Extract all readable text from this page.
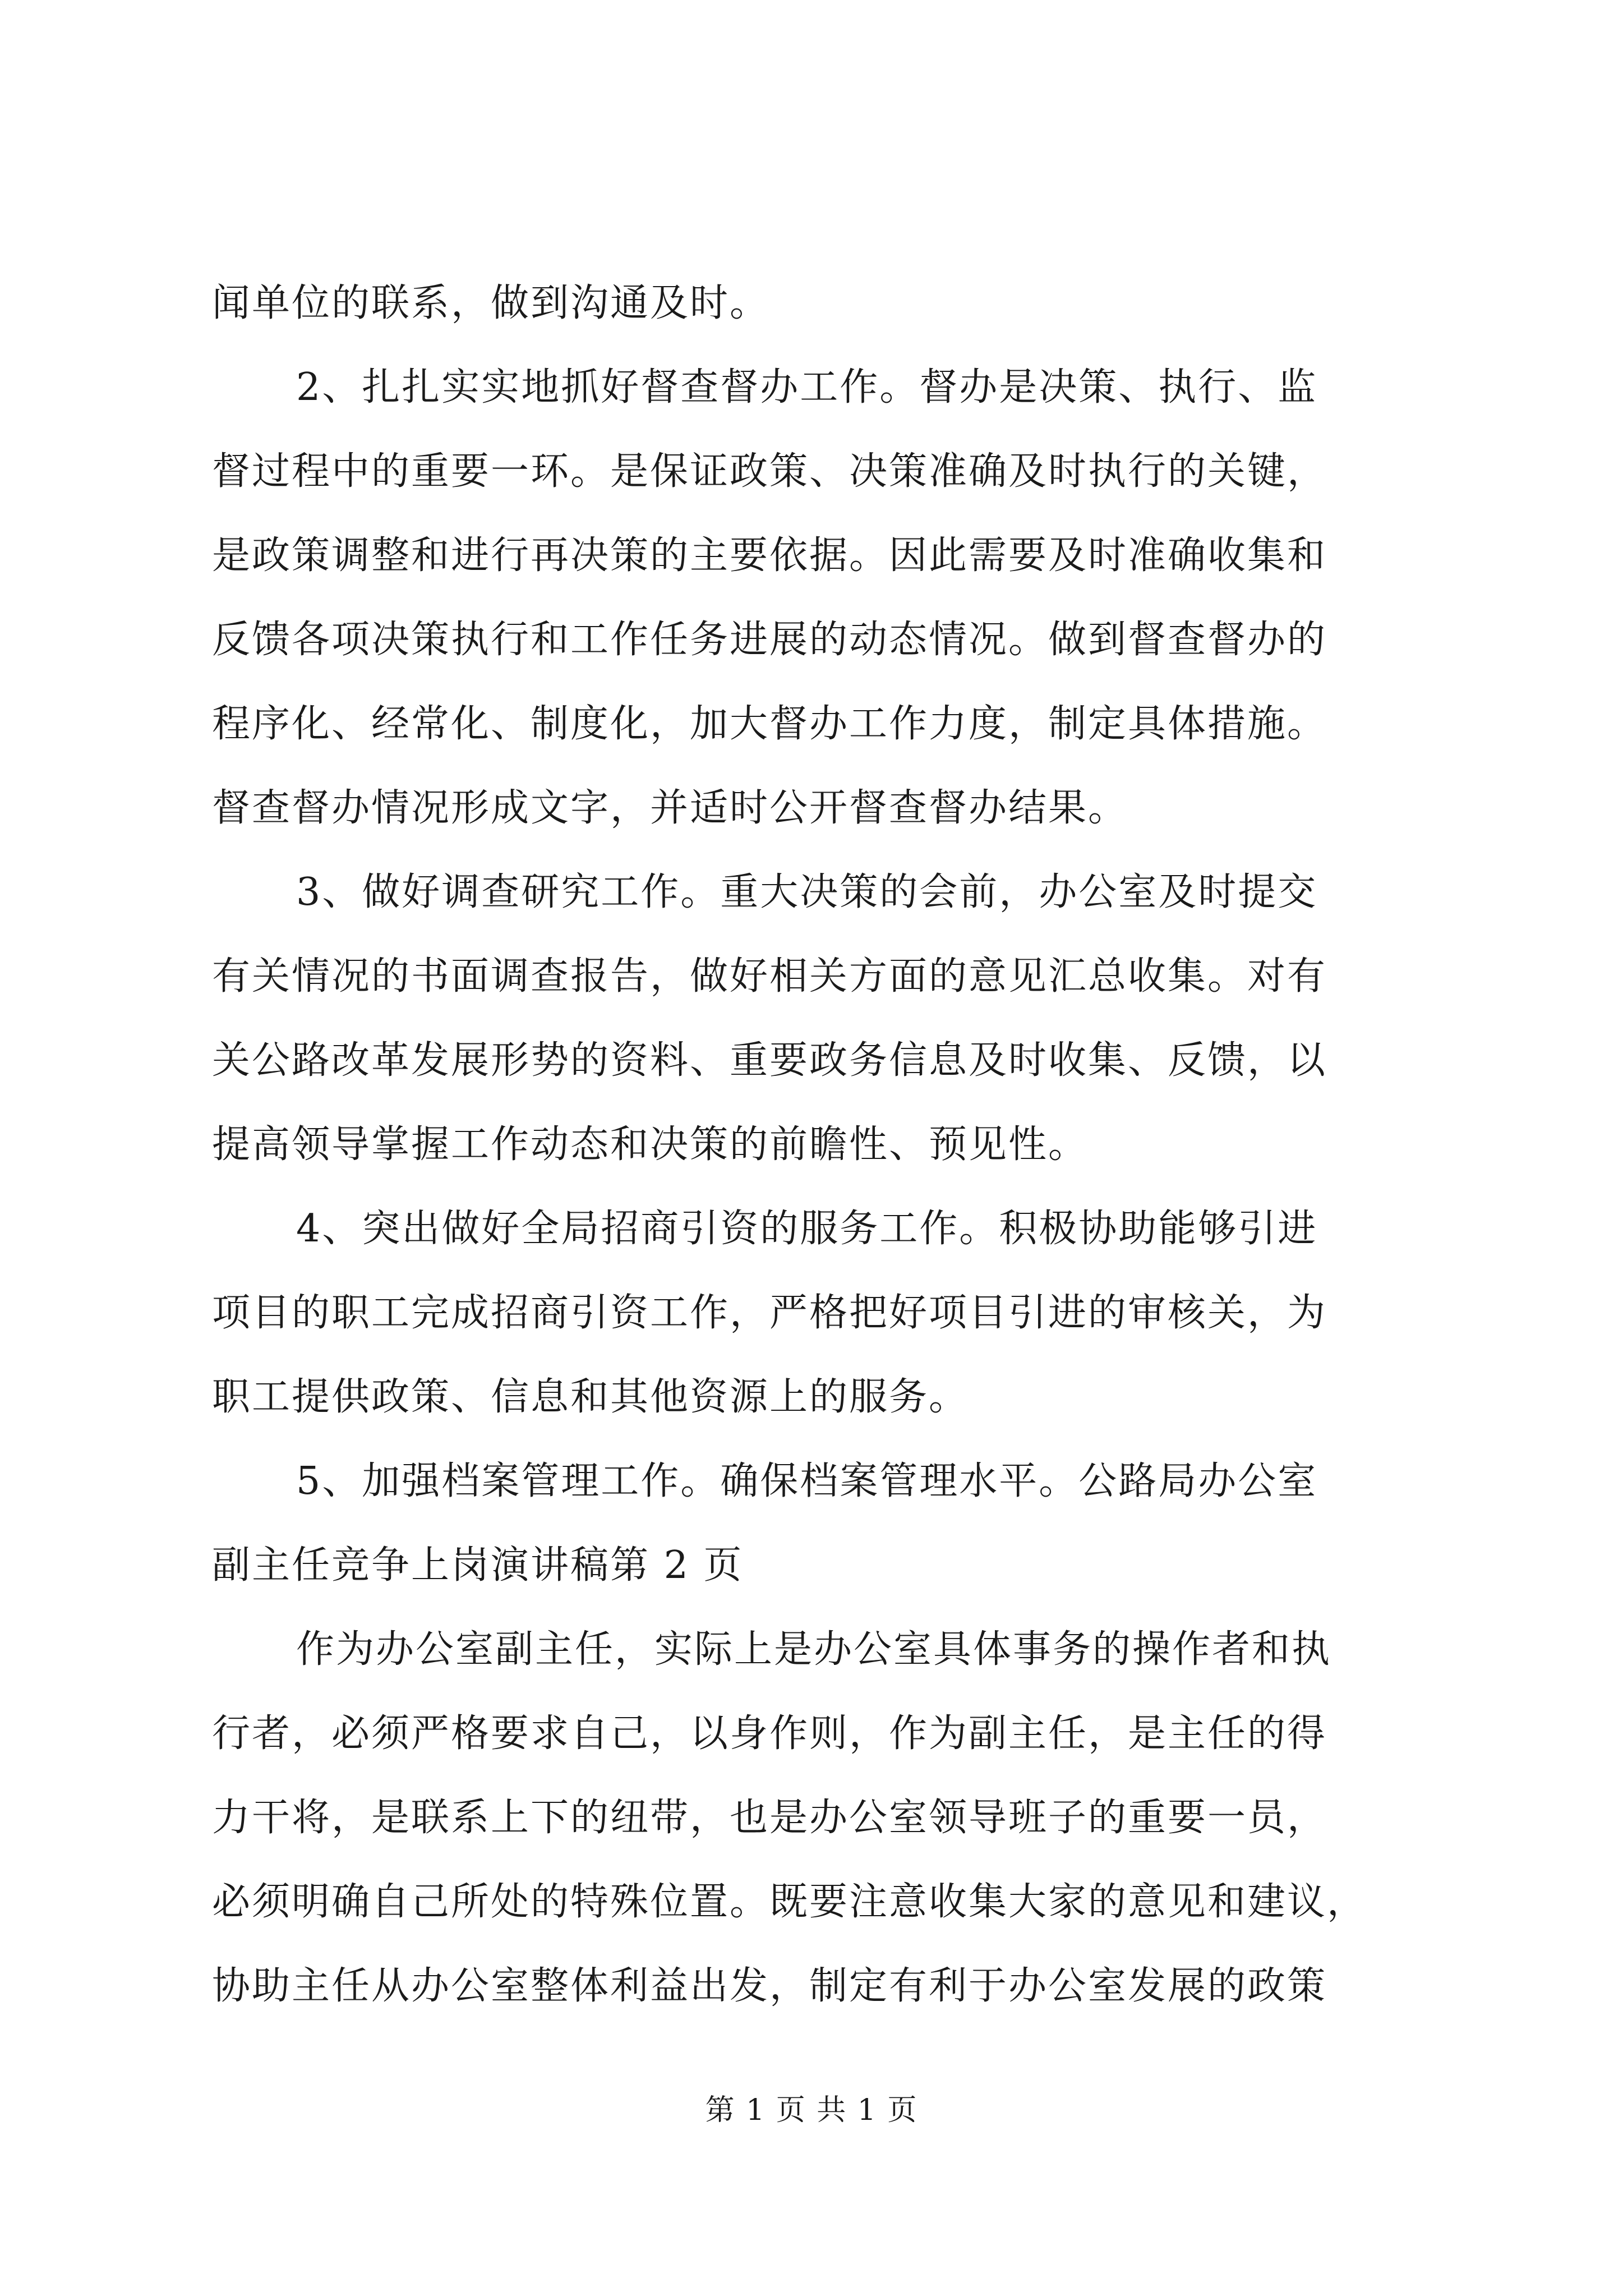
闻单位的联系，做到沟通及时。
2、扎扎实实地抓好督查督办工作。督办是决策、执行、监
督过程中的重要一环。是保证政策、决策准确及时执行的关键，
是政策调整和进行再决策的主要依据。因此需要及时准确收集和
反馈各项决策执行和工作任务进展的动态情况。做到督查督办的
程序化、经常化、制度化，加大督办工作力度，制定具体措施。
督查督办情况形成文字，并适时公开督查督办结果。
3、做好调查研究工作。重大决策的会前，办公室及时提交
有关情况的书面调查报告，做好相关方面的意见汇总收集。对有
关公路改革发展形势的资料、重要政务信息及时收集、反馈，以
提高领导掌握工作动态和决策的前瞻性、预见性。
4、突出做好全局招商引资的服务工作。积极协助能够引进
项目的职工完成招商引资工作，严格把好项目引进的审核关，为
职工提供政策、信息和其他资源上的服务。
5、加强档案管理工作。确保档案管理水平。公路局办公室
副主任竞争上岗演讲稿第 2 页
作为办公室副主任，实际上是办公室具体事务的操作者和执
行者，必须严格要求自己，以身作则，作为副主任，是主任的得
力干将，是联系上下的纽带，也是办公室领导班子的重要一员，
必须明确自己所处的特殊位置。既要注意收集大家的意见和建议，
协助主任从办公室整体利益出发，制定有利于办公室发展的政策
第 1 页 共 1 页
